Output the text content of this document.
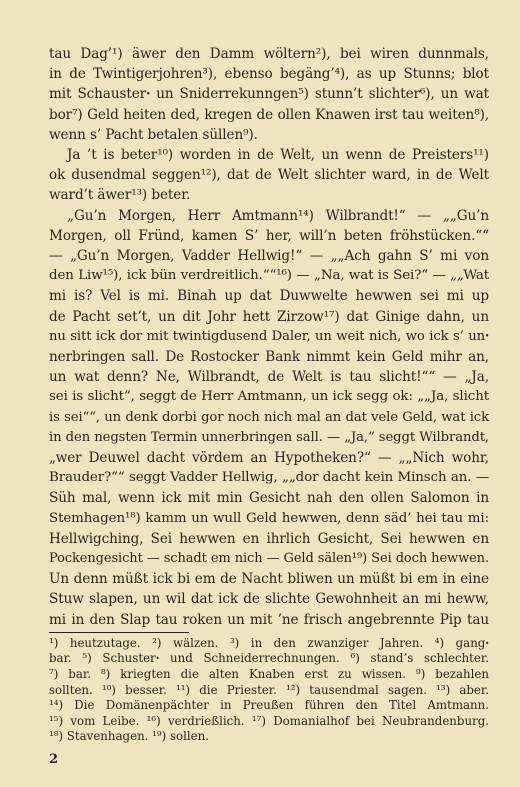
tau Dag’¹) äwer den Damm wöltern²), bei wiren dunnmals,
in de Twintigerjohren³), ebenso begäng’⁴), as up Stunns; blot
mit Schausterꞏ un Sniderrekunngen⁵) stunn’t slichter⁶), un wat
bor⁷) Geld heiten ded, kregen de ollen Knawen irst tau weiten⁸),
wenn s’ Pacht betalen süllen⁹).
Ja ’t is beter¹⁰) worden in de Welt, un wenn de Preisters¹¹)
ok dusendmal seggen¹²), dat de Welt slichter ward, in de Welt
ward’t äwer¹³) beter.
„Gu’n Morgen, Herr Amtmann¹⁴) Wilbrandt!“ — „„Gu’n
Morgen, oll Fründ, kamen S’ her, will’n beten fröhstücken.““
— „Gu’n Morgen, Vadder Hellwig!“ — „„Ach gahn S’ mi von
den Liw¹⁵), ick bün verdreitlich.““¹⁶) — „Na, wat is Sei?“ — „„Wat
mi is? Vel is mi. Binah up dat Duwwelte hewwen sei mi up
de Pacht set’t, un dit Johr hett Zirzow¹⁷) dat Ginige dahn, un
nu sitt ick dor mit twintigdusend Daler, un weit nich, wo ick s’ unꞏ
nerbringen sall. De Rostocker Bank nimmt kein Geld mihr an,
un wat denn? Ne, Wilbrandt, de Welt is tau slicht!““ — „Ja,
sei is slicht“, seggt de Herr Amtmann, un ick segg ok: „„Ja, slicht
is sei““, un denk dorbi gor noch nich mal an dat vele Geld, wat ick
in den negsten Termin unnerbringen sall. — „Ja,“ seggt Wilbrandt,
„wer Deuwel dacht vördem an Hypotheken?“ — „„Nich wohr,
Brauder?““ seggt Vadder Hellwig, „„dor dacht kein Minsch an. —
Süh mal, wenn ick mit min Gesicht nah den ollen Salomon in
Stemhagen¹⁸) kamm un wull Geld hewwen, denn säd’ hei tau mi:
Hellwigching, Sei hewwen en ihrlich Gesicht, Sei hewwen en
Pockengesicht — schadt em nich — Geld sälen¹⁹) Sei doch hewwen.
Un denn müßt ick bi em de Nacht bliwen un müßt bi em in eine
Stuw slapen, un wil dat ick de slichte Gewohnheit an mi heww,
mi in den Slap tau roken un mit ’ne frisch angebrennte Pip tau
¹) heutzutage. ²) wälzen. ³) in den zwanziger Jahren. ⁴) gangꞏ
bar. ⁵) Schusterꞏ und Schneiderrechnungen. ⁶) stand’s schlechter.
⁷) bar. ⁸) kriegten die alten Knaben erst zu wissen. ⁹) bezahlen
sollten. ¹⁰) besser. ¹¹) die Priester. ¹²) tausendmal sagen. ¹³) aber.
¹⁴) Die Domänenpächter in Preußen führen den Titel Amtmann.
¹⁵) vom Leibe. ¹⁶) verdrießlich. ¹⁷) Domanialhof bei Neubrandenburg.
¹⁸) Stavenhagen. ¹⁹) sollen.
2
